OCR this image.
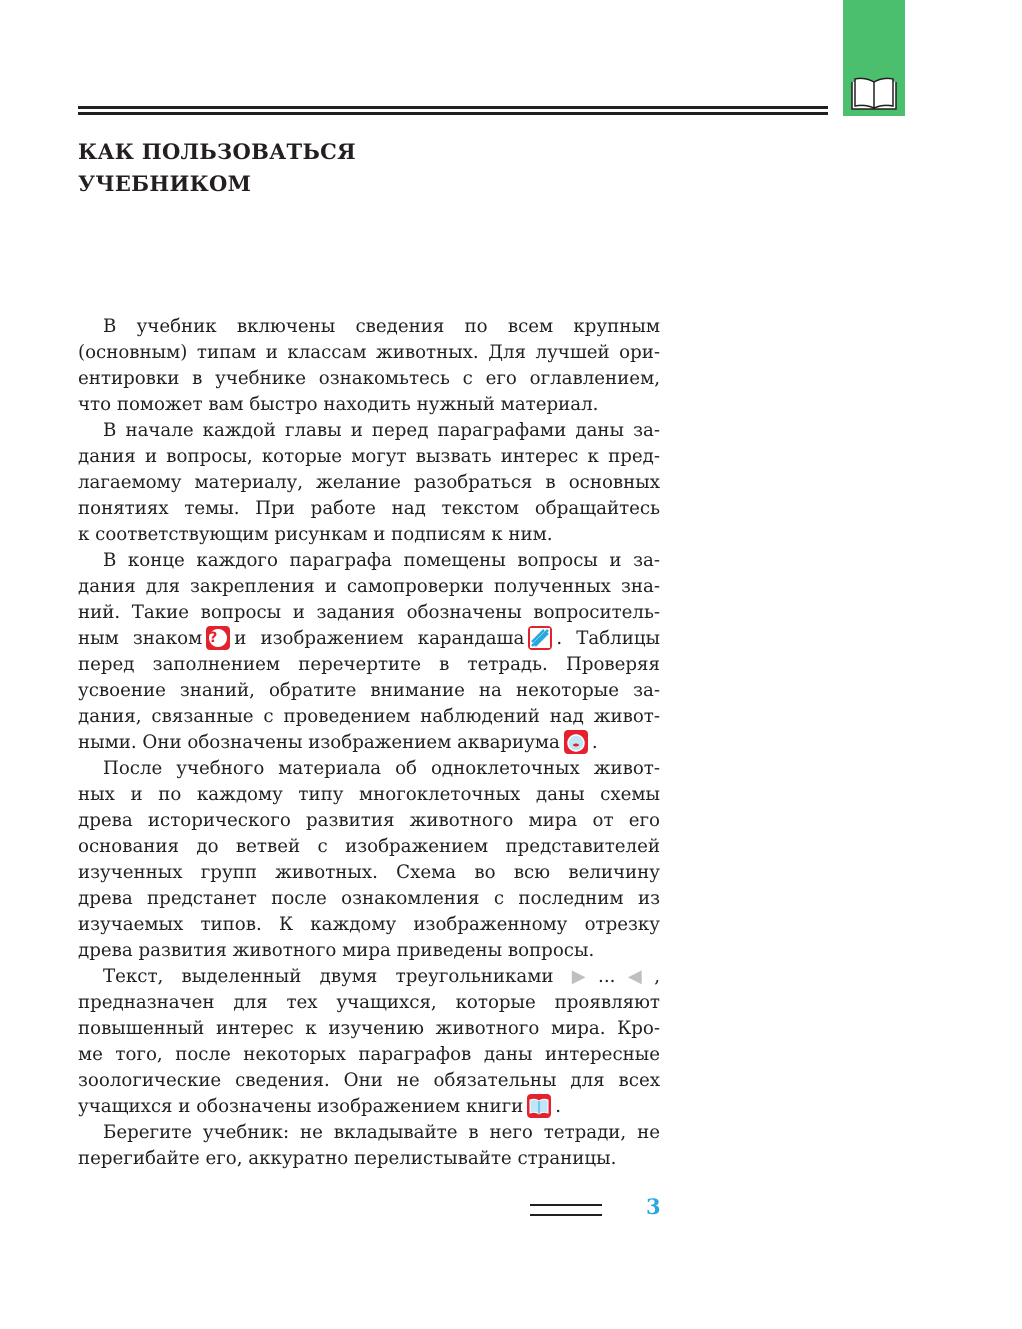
КАК ПОЛЬЗОВАТЬСЯ
УЧЕБНИКОМ
В учебник включены сведения по всем крупным
(основным) типам и классам животных. Для лучшей ори-
ентировки в учебнике ознакомьтесь с его оглавлением,
что поможет вам быстро находить нужный материал.
В начале каждой главы и перед параграфами даны за-
дания и вопросы, которые могут вызвать интерес к пред-
лагаемому материалу, желание разобраться в основных
понятиях темы. При работе над текстом обращайтесь
к соответствующим рисункам и подписям к ним.
В конце каждого параграфа помещены вопросы и за-
дания для закрепления и самопроверки полученных зна-
ний. Такие вопросы и задания обозначены вопроситель-
ным знаком ? и изображением карандаша . Таблицы
перед заполнением перечертите в тетрадь. Проверяя
усвоение знаний, обратите внимание на некоторые за-
дания, связанные с проведением наблюдений над живот-
ными. Они обозначены изображением аквариума .
После учебного материала об одноклеточных живот-
ных и по каждому типу многоклеточных даны схемы
древа исторического развития животного мира от его
основания до ветвей с изображением представителей
изученных групп животных. Схема во всю величину
древа предстанет после ознакомления с последним из
изучаемых типов. К каждому изображенному отрезку
древа развития животного мира приведены вопросы.
Текст, выделенный двумя треугольниками ▶...◀,
предназначен для тех учащихся, которые проявляют
повышенный интерес к изучению животного мира. Кро-
ме того, после некоторых параграфов даны интересные
зоологические сведения. Они не обязательны для всех
учащихся и обозначены изображением книги .
Берегите учебник: не вкладывайте в него тетради, не
перегибайте его, аккуратно перелистывайте страницы.
3
